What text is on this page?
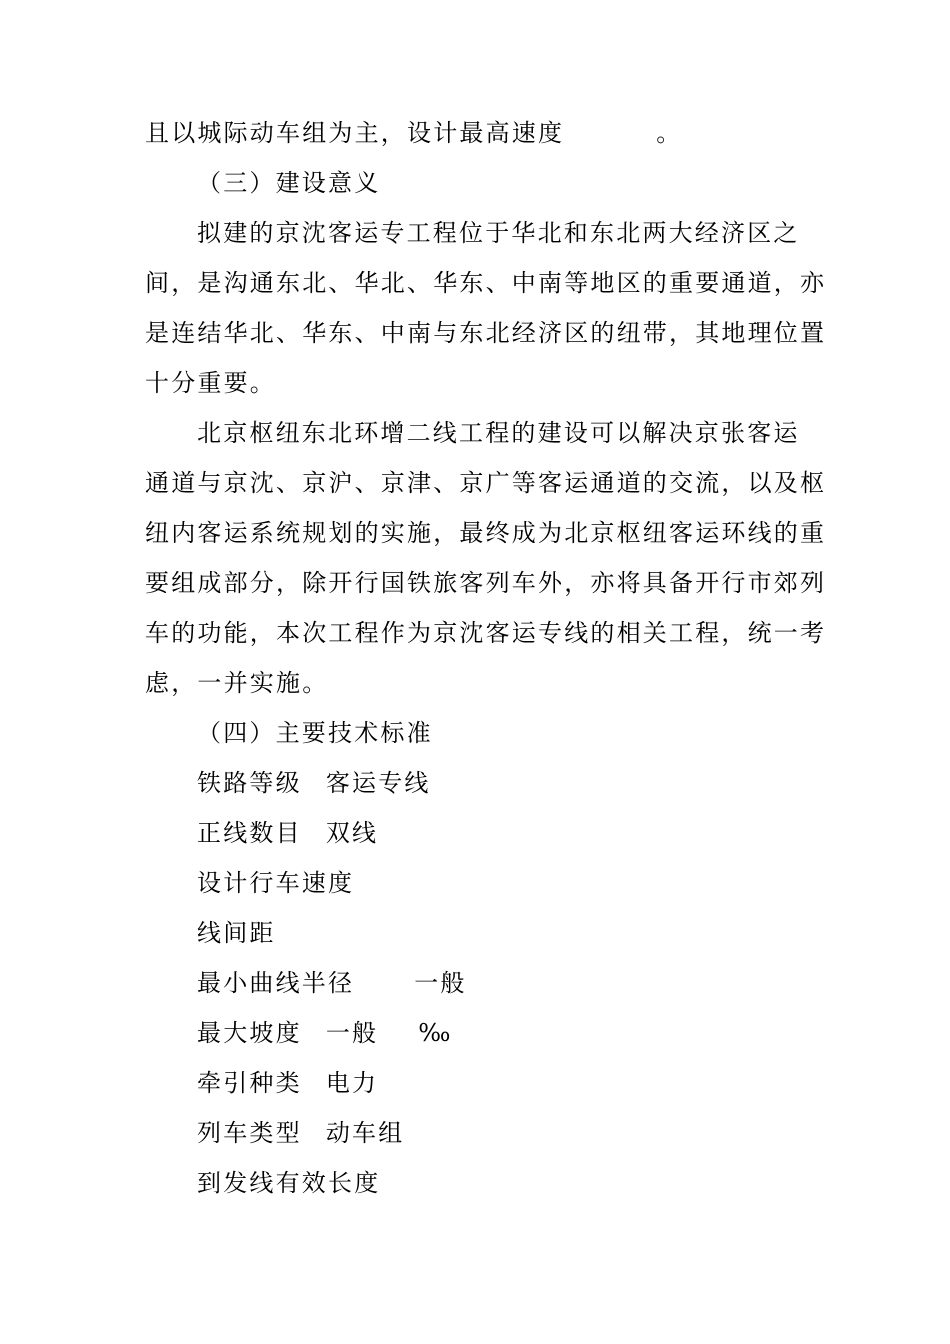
且以城际动车组为主，设计最高速度	。
（三）建设意义
拟建的京沈客运专工程位于华北和东北两大经济区之
间，是沟通东北、华北、华东、中南等地区的重要通道，亦
是连结华北、华东、中南与东北经济区的纽带，其地理位置
十分重要。
北京枢纽东北环增二线工程的建设可以解决京张客运
通道与京沈、京沪、京津、京广等客运通道的交流，以及枢
纽内客运系统规划的实施，最终成为北京枢纽客运环线的重
要组成部分，除开行国铁旅客列车外，亦将具备开行市郊列
车的功能，本次工程作为京沈客运专线的相关工程，统一考
虑，一并实施。
（四）主要技术标准
铁路等级 客运专线
正线数目 双线
设计行车速度
线间距
最小曲线半径	一般
最大坡度 一般 ‰
牵引种类 电力
列车类型 动车组
到发线有效长度
